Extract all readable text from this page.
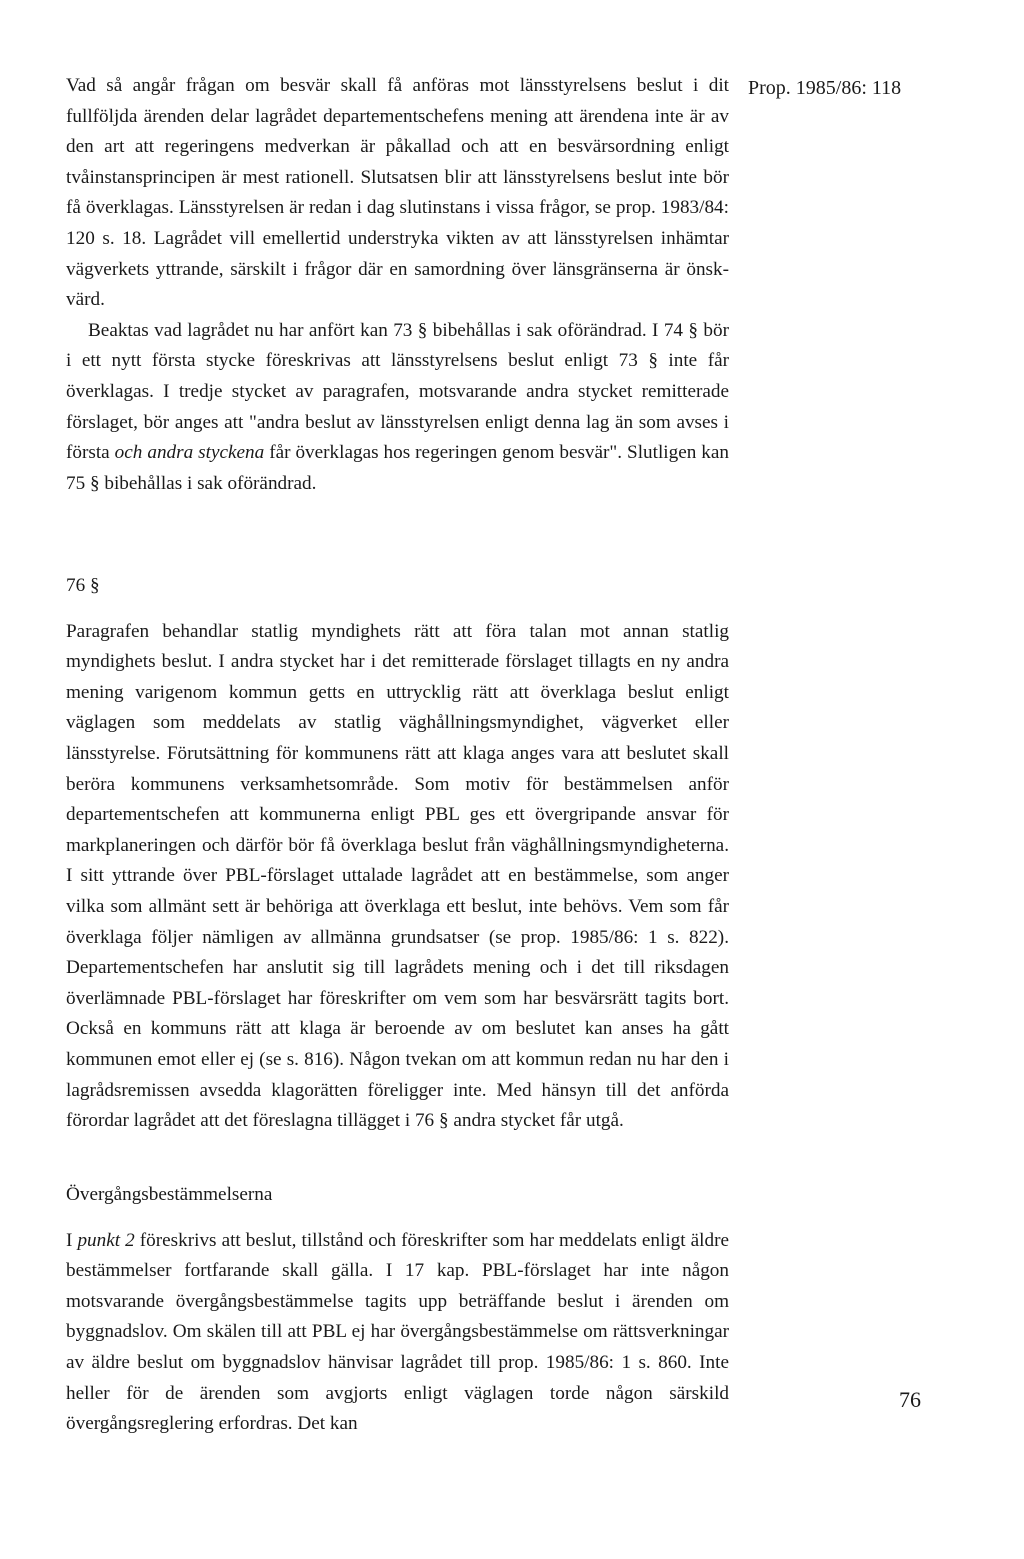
Prop. 1985/86: 118

Vad så angår frågan om besvär skall få anföras mot länsstyrelsens beslut i dit fullföljda ärenden delar lagrådet departementschefens mening att ärendena inte är av den art att regeringens medverkan är påkallad och att en besvärsordning enligt tvåinstansprincipen är mest rationell. Slutsatsen blir att länsstyrelsens beslut inte bör få överklagas. Länsstyrelsen är redan i dag slutinstans i vissa frågor, se prop. 1983/84: 120 s. 18. Lagrådet vill emellertid understryka vikten av att länsstyrelsen inhämtar vägverkets yttrande, särskilt i frågor där en samordning över länsgränserna är önskvärd.

Beaktas vad lagrådet nu har anfört kan 73 § bibehållas i sak oförändrad. I 74 § bör i ett nytt första stycke föreskrivas att länsstyrelsens beslut enligt 73 § inte får överklagas. I tredje stycket av paragrafen, motsvarande andra stycket remitterade förslaget, bör anges att "andra beslut av länsstyrelsen enligt denna lag än som avses i första och andra styckena får överklagas hos regeringen genom besvär". Slutligen kan 75 § bibehållas i sak oförändrad.

76 §

Paragrafen behandlar statlig myndighets rätt att föra talan mot annan statlig myndighets beslut. I andra stycket har i det remitterade förslaget tillagts en ny andra mening varigenom kommun getts en uttrycklig rätt att överklaga beslut enligt väglagen som meddelats av statlig väghållningsmyndighet, vägverket eller länsstyrelse. Förutsättning för kommunens rätt att klaga anges vara att beslutet skall beröra kommunens verksamhetsområde. Som motiv för bestämmelsen anför departementschefen att kommunerna enligt PBL ges ett övergripande ansvar för markplaneringen och därför bör få överklaga beslut från väghållningsmyndigheterna. I sitt yttrande över PBL-förslaget uttalade lagrådet att en bestämmelse, som anger vilka som allmänt sett är behöriga att överklaga ett beslut, inte behövs. Vem som får överklaga följer nämligen av allmänna grundsatser (se prop. 1985/86: 1 s. 822). Departementschefen har anslutit sig till lagrådets mening och i det till riksdagen överlämnade PBL-förslaget har föreskrifter om vem som har besvärsrätt tagits bort. Också en kommuns rätt att klaga är beroende av om beslutet kan anses ha gått kommunen emot eller ej (se s. 816). Någon tvekan om att kommun redan nu har den i lagrådsremissen avsedda klagorätten föreligger inte. Med hänsyn till det anförda förordar lagrådet att det föreslagna tillägget i 76 § andra stycket får utgå.

Övergångsbestämmelserna

I punkt 2 föreskrivs att beslut, tillstånd och föreskrifter som har meddelats enligt äldre bestämmelser fortfarande skall gälla. I 17 kap. PBL-förslaget har inte någon motsvarande övergångsbestämmelse tagits upp beträffande beslut i ärenden om byggnadslov. Om skälen till att PBL ej har övergångsbestämmelse om rättsverkningar av äldre beslut om byggnadslov hänvisar lagrådet till prop. 1985/86: 1 s. 860. Inte heller för de ärenden som avgjorts enligt väglagen torde någon särskild övergångsreglering erfordras. Det kan

76
